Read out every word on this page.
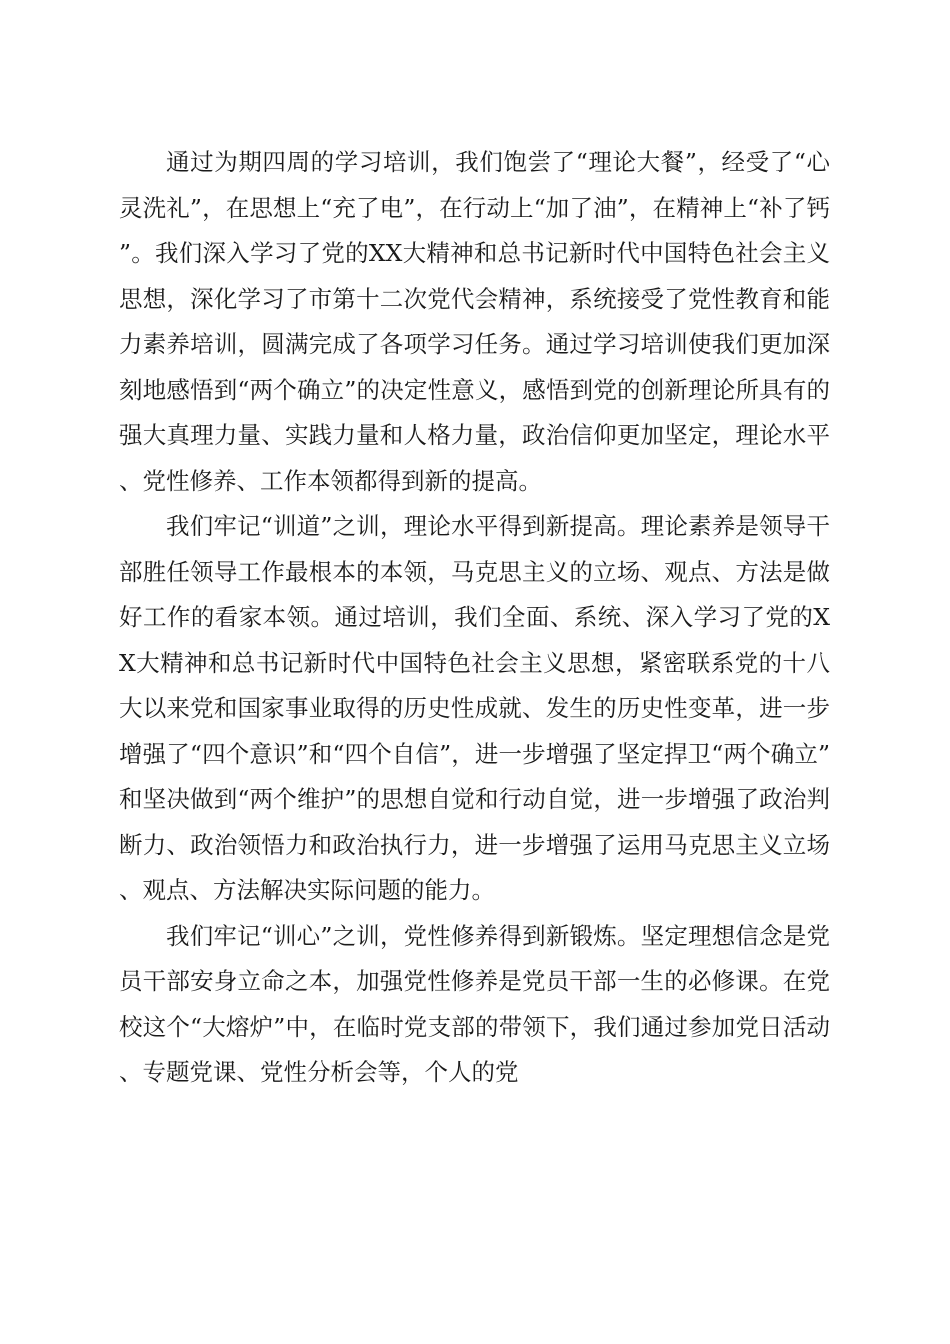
通过为期四周的学习培训，我们饱尝了“理论大餐”，经受了“心灵洗礼”，在思想上“充了电”，在行动上“加了油”，在精神上“补了钙”。我们深入学习了党的XX大精神和总书记新时代中国特色社会主义思想，深化学习了市第十二次党代会精神，系统接受了党性教育和能力素养培训，圆满完成了各项学习任务。通过学习培训使我们更加深刻地感悟到“两个确立”的决定性意义，感悟到党的创新理论所具有的强大真理力量、实践力量和人格力量，政治信仰更加坚定，理论水平、党性修养、工作本领都得到新的提高。

我们牢记“训道”之训，理论水平得到新提高。理论素养是领导干部胜任领导工作最根本的本领，马克思主义的立场、观点、方法是做好工作的看家本领。通过培训，我们全面、系统、深入学习了党的XX大精神和总书记新时代中国特色社会主义思想，紧密联系党的十八大以来党和国家事业取得的历史性成就、发生的历史性变革，进一步增强了“四个意识”和“四个自信”，进一步增强了坚定捍卫“两个确立”和坚决做到“两个维护”的思想自觉和行动自觉，进一步增强了政治判断力、政治领悟力和政治执行力，进一步增强了运用马克思主义立场、观点、方法解决实际问题的能力。

我们牢记“训心”之训，党性修养得到新锻炼。坚定理想信念是党员干部安身立命之本，加强党性修养是党员干部一生的必修课。在党校这个“大熔炉”中，在临时党支部的带领下，我们通过参加党日活动、专题党课、党性分析会等，个人的党
